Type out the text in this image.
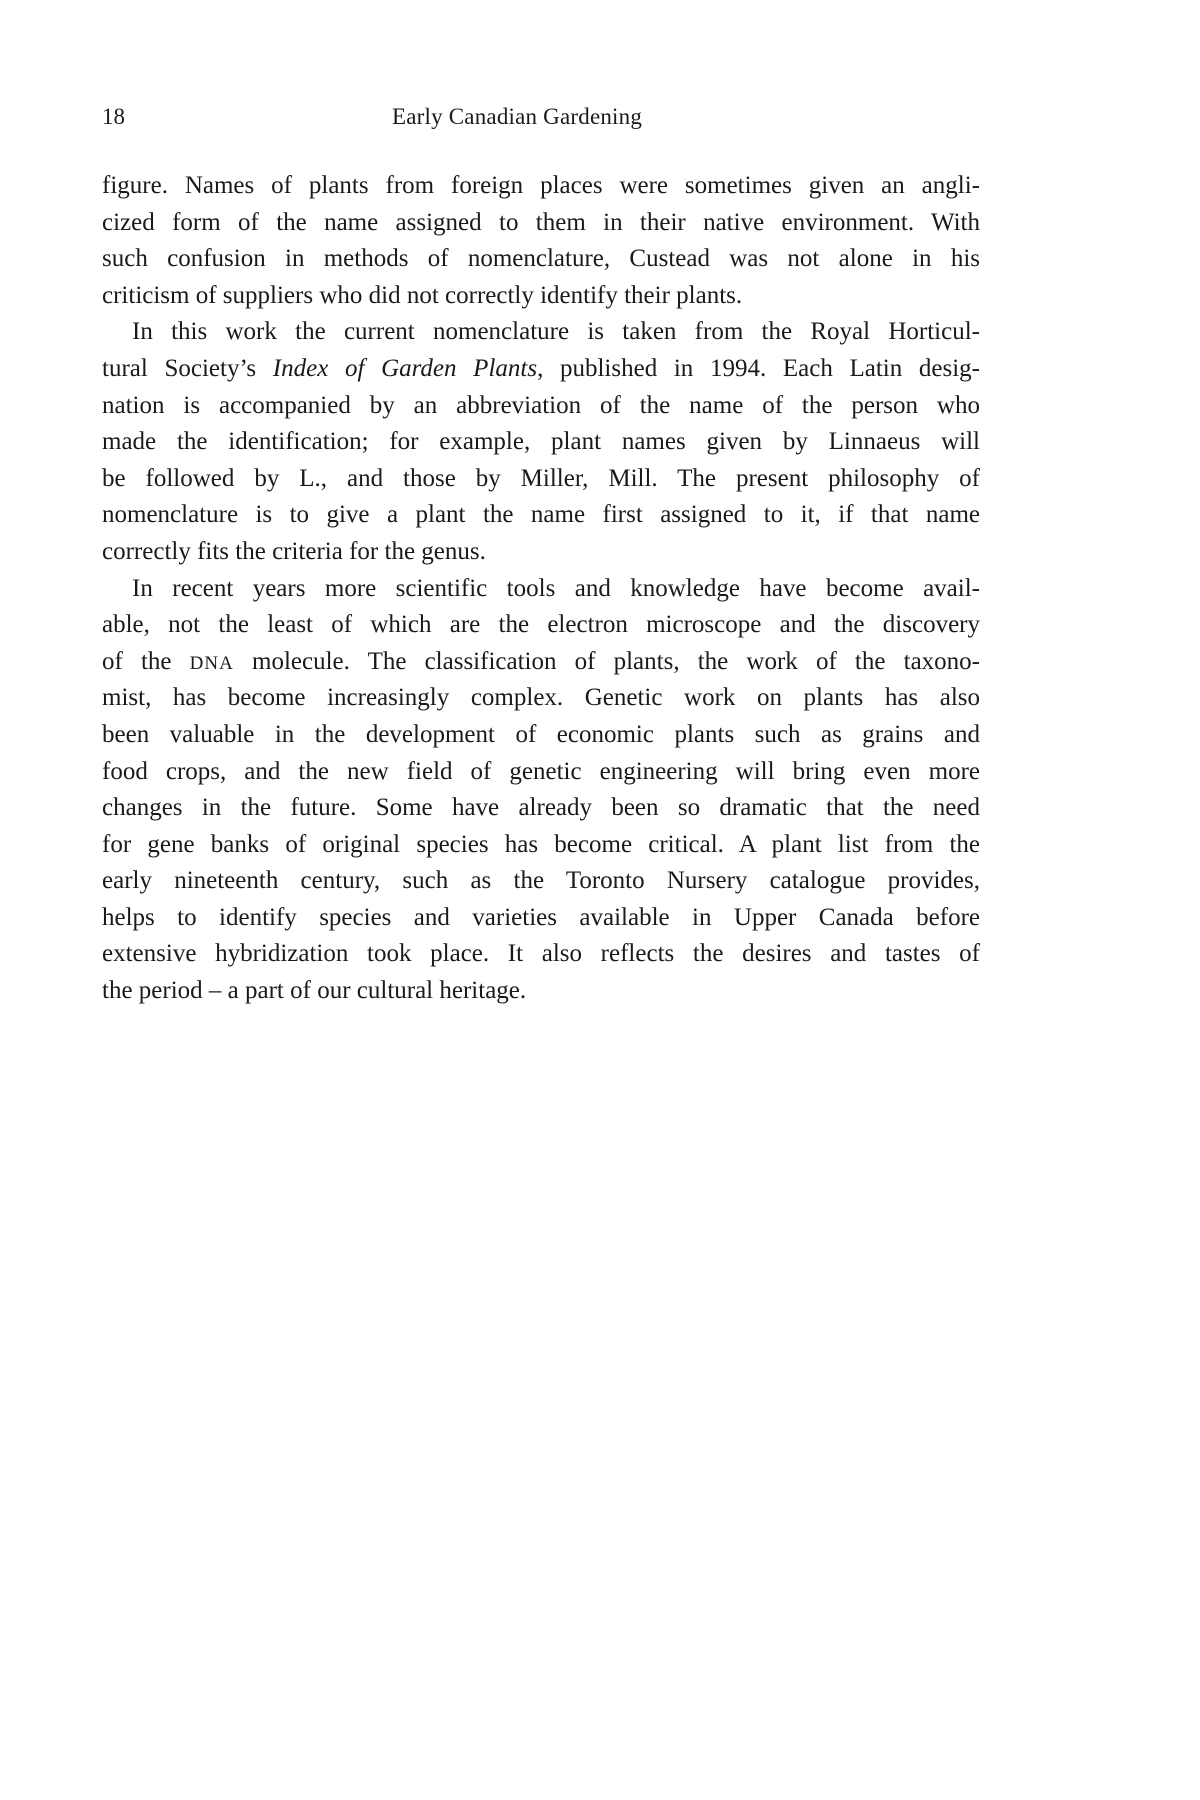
18	Early Canadian Gardening
figure. Names of plants from foreign places were sometimes given an angli-
cized form of the name assigned to them in their native environment. With
such confusion in methods of nomenclature, Custead was not alone in his
criticism of suppliers who did not correctly identify their plants.
In this work the current nomenclature is taken from the Royal Horticul-
tural Society’s Index of Garden Plants, published in 1994. Each Latin desig-
nation is accompanied by an abbreviation of the name of the person who
made the identification; for example, plant names given by Linnaeus will
be followed by L., and those by Miller, Mill. The present philosophy of
nomenclature is to give a plant the name first assigned to it, if that name
correctly fits the criteria for the genus.
In recent years more scientific tools and knowledge have become avail-
able, not the least of which are the electron microscope and the discovery
of the DNA molecule. The classification of plants, the work of the taxono-
mist, has become increasingly complex. Genetic work on plants has also
been valuable in the development of economic plants such as grains and
food crops, and the new field of genetic engineering will bring even more
changes in the future. Some have already been so dramatic that the need
for gene banks of original species has become critical. A plant list from the
early nineteenth century, such as the Toronto Nursery catalogue provides,
helps to identify species and varieties available in Upper Canada before
extensive hybridization took place. It also reflects the desires and tastes of
the period – a part of our cultural heritage.
